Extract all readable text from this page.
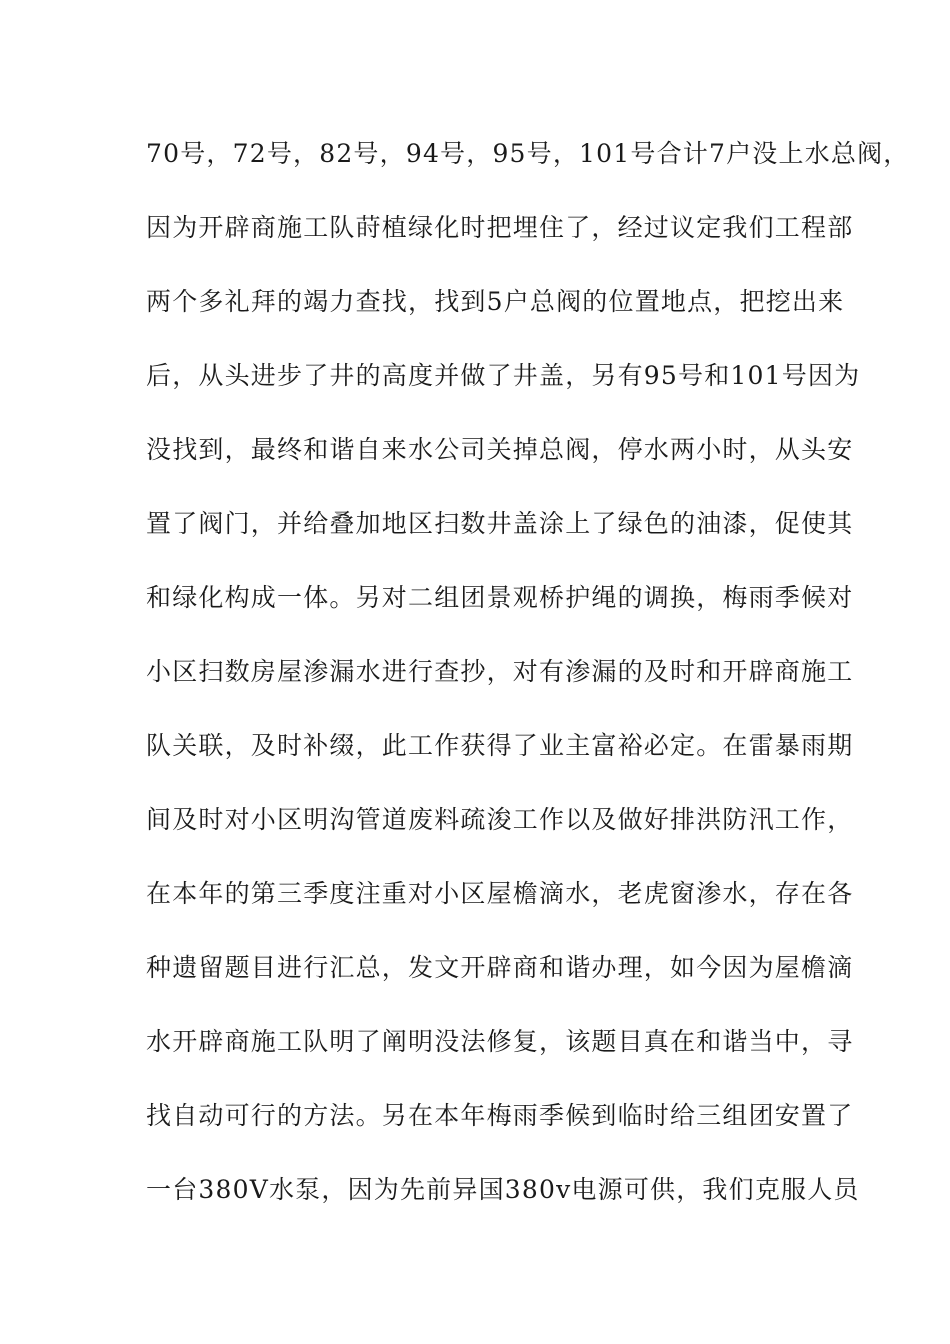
70号，72号，82号，94号，95号，101号合计7户没上水总阀，
因为开辟商施工队莳植绿化时把埋住了，经过议定我们工程部
两个多礼拜的竭力查找，找到5户总阀的位置地点，把挖出来
后，从头进步了井的高度并做了井盖，另有95号和101号因为
没找到，最终和谐自来水公司关掉总阀，停水两小时，从头安
置了阀门，并给叠加地区扫数井盖涂上了绿色的油漆，促使其
和绿化构成一体。另对二组团景观桥护绳的调换，梅雨季候对
小区扫数房屋渗漏水进行查抄，对有渗漏的及时和开辟商施工
队关联，及时补缀，此工作获得了业主富裕必定。在雷暴雨期
间及时对小区明沟管道废料疏浚工作以及做好排洪防汛工作，
在本年的第三季度注重对小区屋檐滴水，老虎窗渗水，存在各
种遗留题目进行汇总，发文开辟商和谐办理，如今因为屋檐滴
水开辟商施工队明了阐明没法修复，该题目真在和谐当中，寻
找自动可行的方法。另在本年梅雨季候到临时给三组团安置了
一台380V水泵，因为先前异国380v电源可供，我们克服人员
